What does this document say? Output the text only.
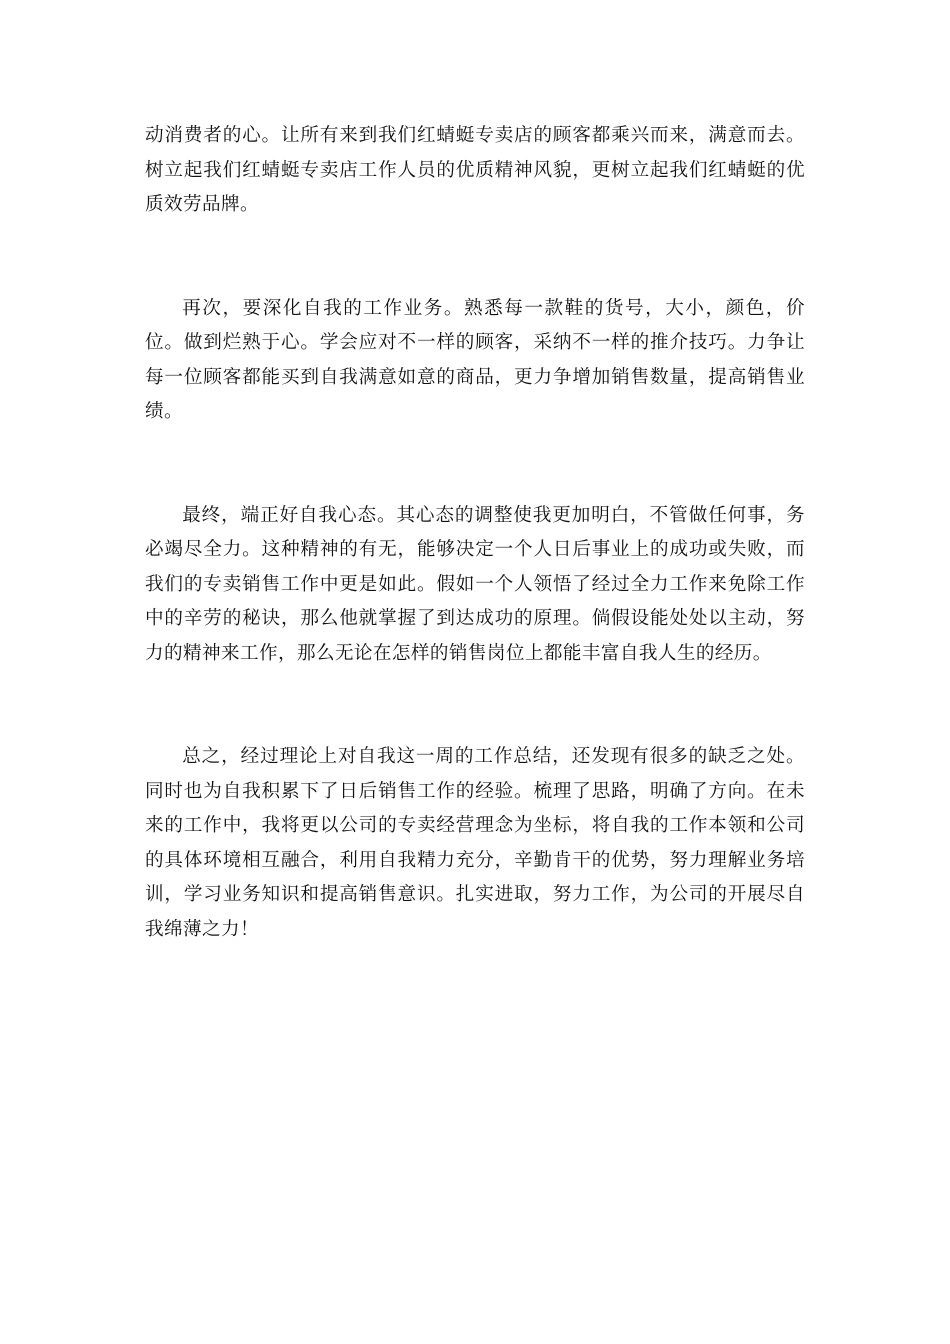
动消费者的心。让所有来到我们红蜻蜓专卖店的顾客都乘兴而来，满意而去。树立起我们红蜻蜓专卖店工作人员的优质精神风貌，更树立起我们红蜻蜓的优质效劳品牌。

再次，要深化自我的工作业务。熟悉每一款鞋的货号，大小，颜色，价位。做到烂熟于心。学会应对不一样的顾客，采纳不一样的推介技巧。力争让每一位顾客都能买到自我满意如意的商品，更力争增加销售数量，提高销售业绩。

最终，端正好自我心态。其心态的调整使我更加明白，不管做任何事，务必竭尽全力。这种精神的有无，能够决定一个人日后事业上的成功或失败，而我们的专卖销售工作中更是如此。假如一个人领悟了经过全力工作来免除工作中的辛劳的秘诀，那么他就掌握了到达成功的原理。倘假设能处处以主动，努力的精神来工作，那么无论在怎样的销售岗位上都能丰富自我人生的经历。

总之，经过理论上对自我这一周的工作总结，还发现有很多的缺乏之处。同时也为自我积累下了日后销售工作的经验。梳理了思路，明确了方向。在未来的工作中，我将更以公司的专卖经营理念为坐标，将自我的工作本领和公司的具体环境相互融合，利用自我精力充分，辛勤肯干的优势，努力理解业务培训，学习业务知识和提高销售意识。扎实进取，努力工作，为公司的开展尽自我绵薄之力！
